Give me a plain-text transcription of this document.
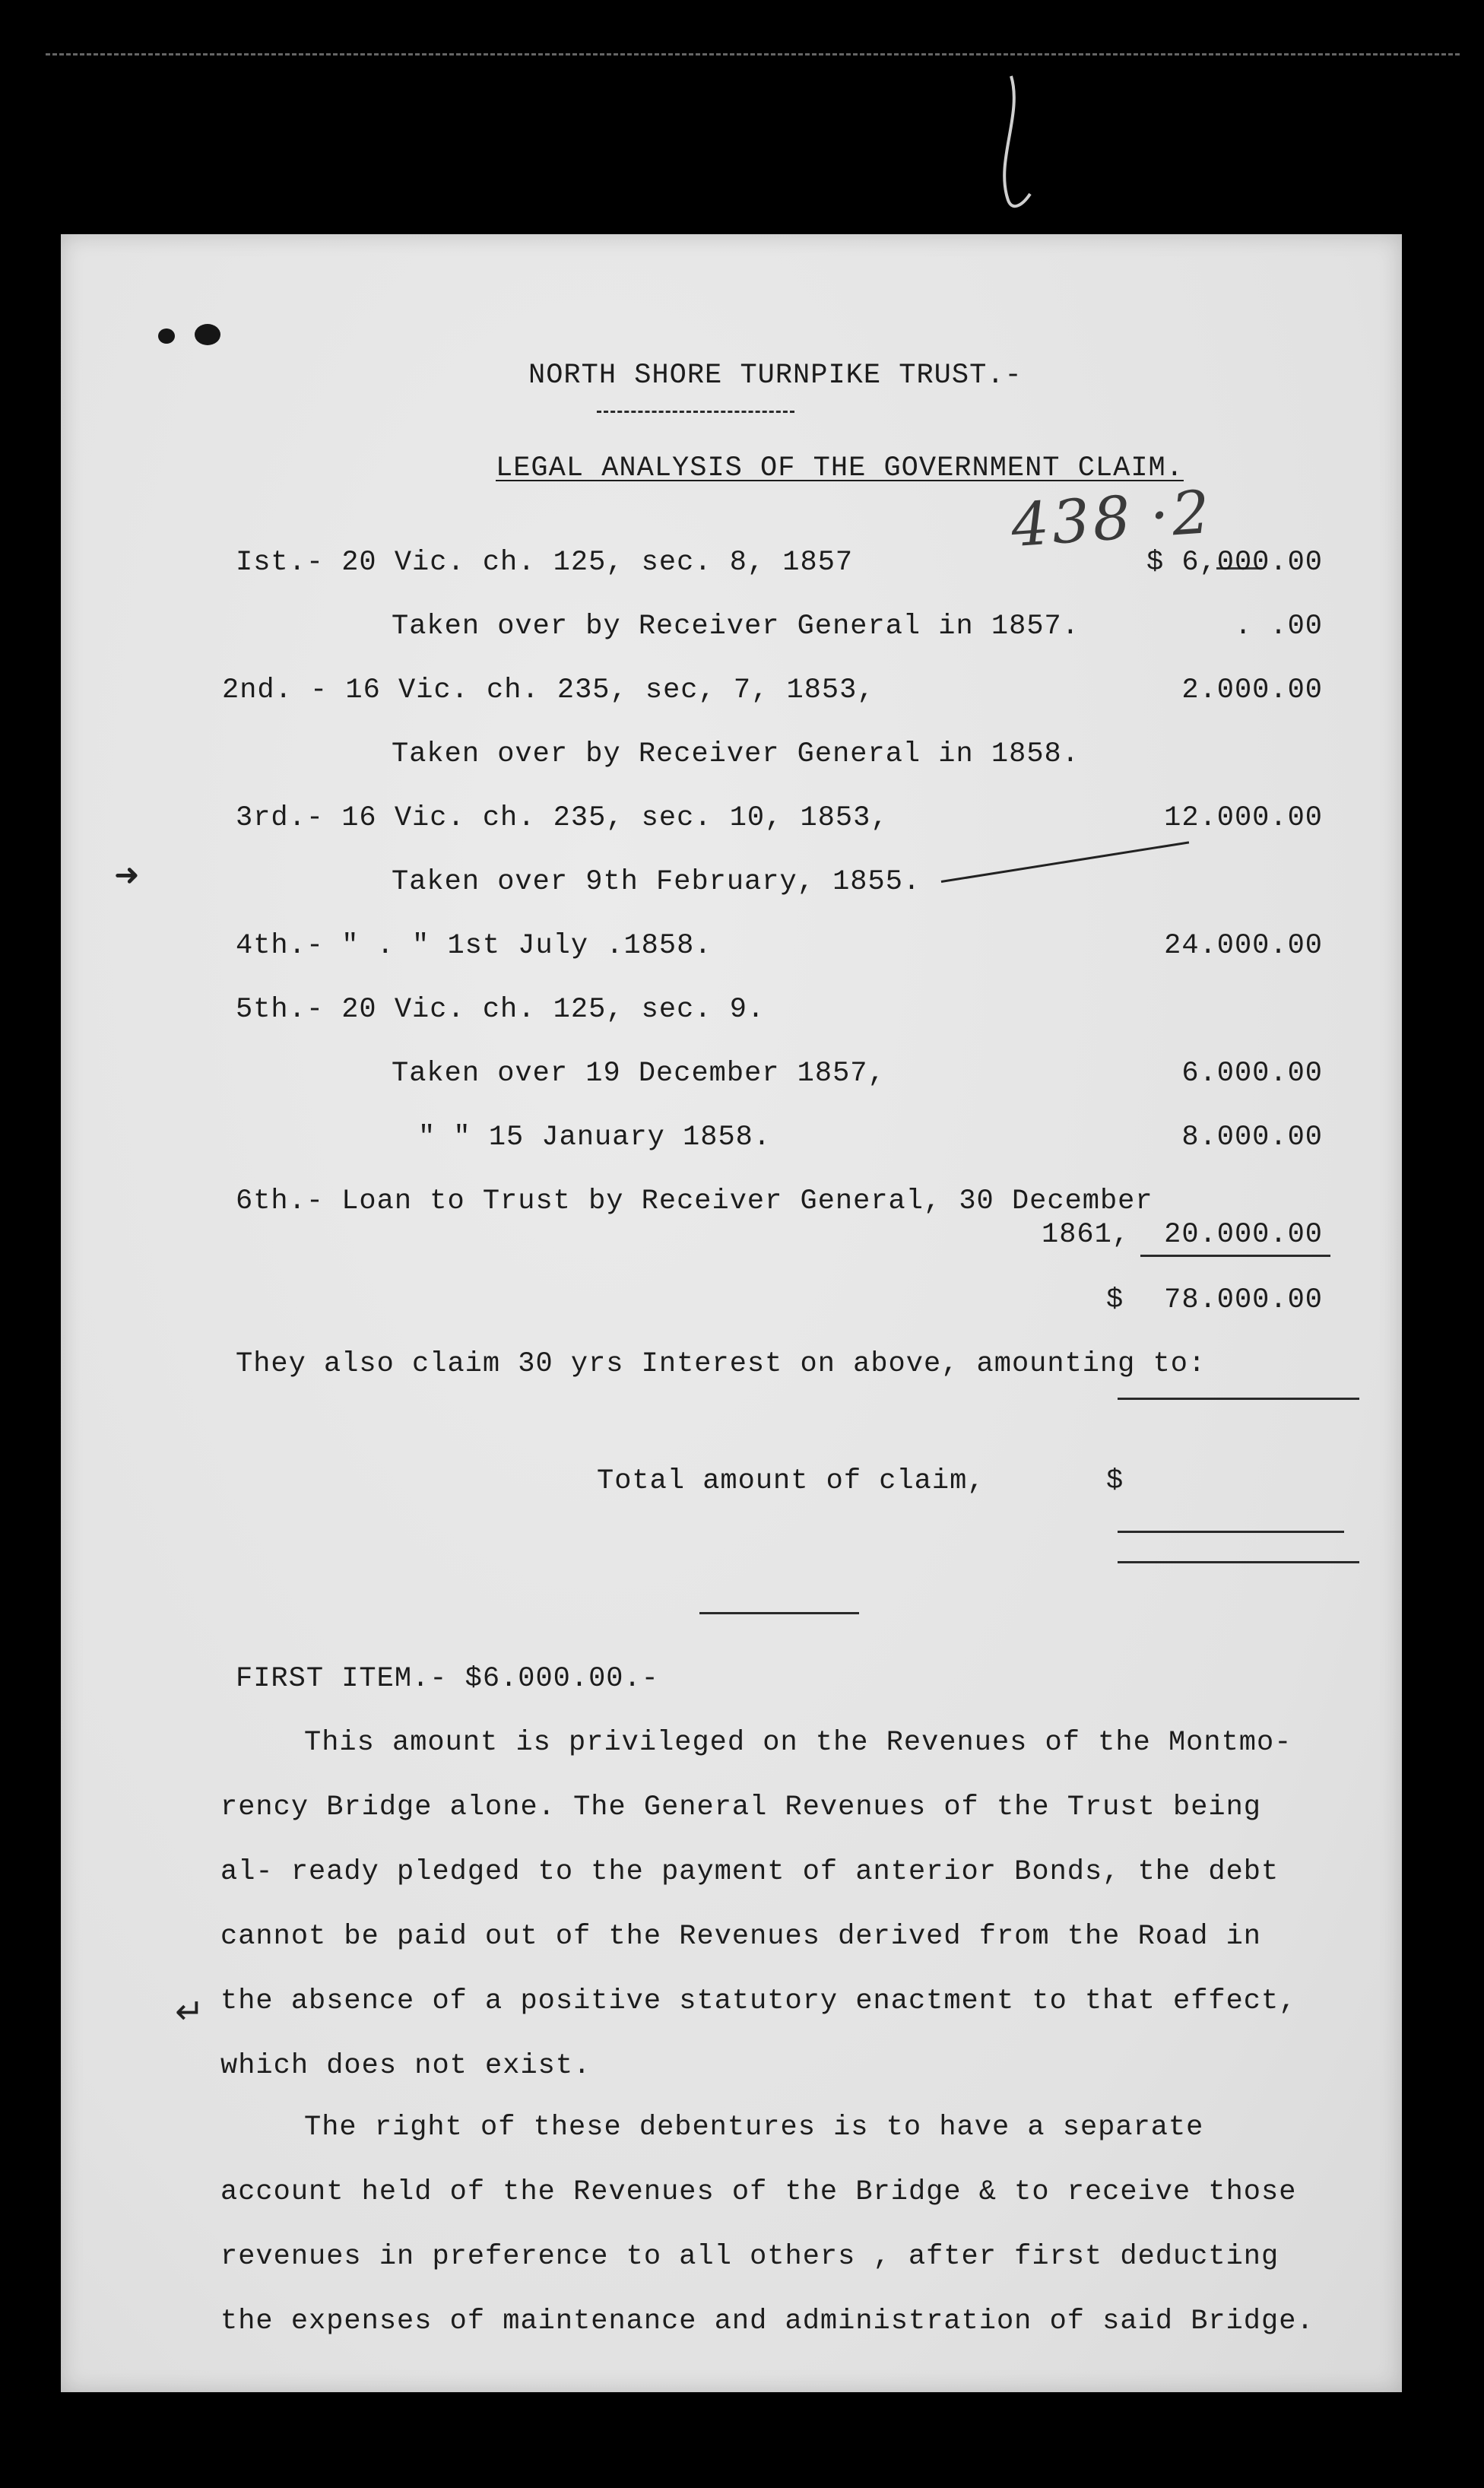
438 ·2
NORTH SHORE TURNPIKE TRUST.-
LEGAL ANALYSIS OF THE GOVERNMENT CLAIM.
Ist.- 20 Vic. ch. 125, sec. 8, 1857	$ 6,000.00
Taken over by Receiver General in 1857.	. .00
2nd. - 16 Vic. ch. 235, sec, 7, 1853,	2.000.00
Taken over by Receiver General in 1858.
3rd.- 16 Vic. ch. 235, sec. 10, 1853,	12.000.00
Taken over 9th February, 1855.
4th.- " . " 1st July .1858.	24.000.00
5th.- 20 Vic. ch. 125, sec. 9.
Taken over 19 December 1857,	6.000.00
" " 15 January 1858.	8.000.00
6th.- Loan to Trust by Receiver General, 30 December
1861,	20.000.00
$	78.000.00
They also claim 30 yrs Interest on above, amounting to:
Total amount of claim,	$
FIRST ITEM.- $6.000.00.-
➜
↵
This amount is privileged on the Revenues of the Montmo- rency Bridge alone. The General Revenues of the Trust being al- ready pledged to the payment of anterior Bonds, the debt cannot be paid out of the Revenues derived from the Road in the absence of a positive statutory enactment to that effect, which does not exist.
The right of these debentures is to have a separate account held of the Revenues of the Bridge & to receive those revenues in preference to all others , after first deducting the expenses of maintenance and administration of said Bridge.
